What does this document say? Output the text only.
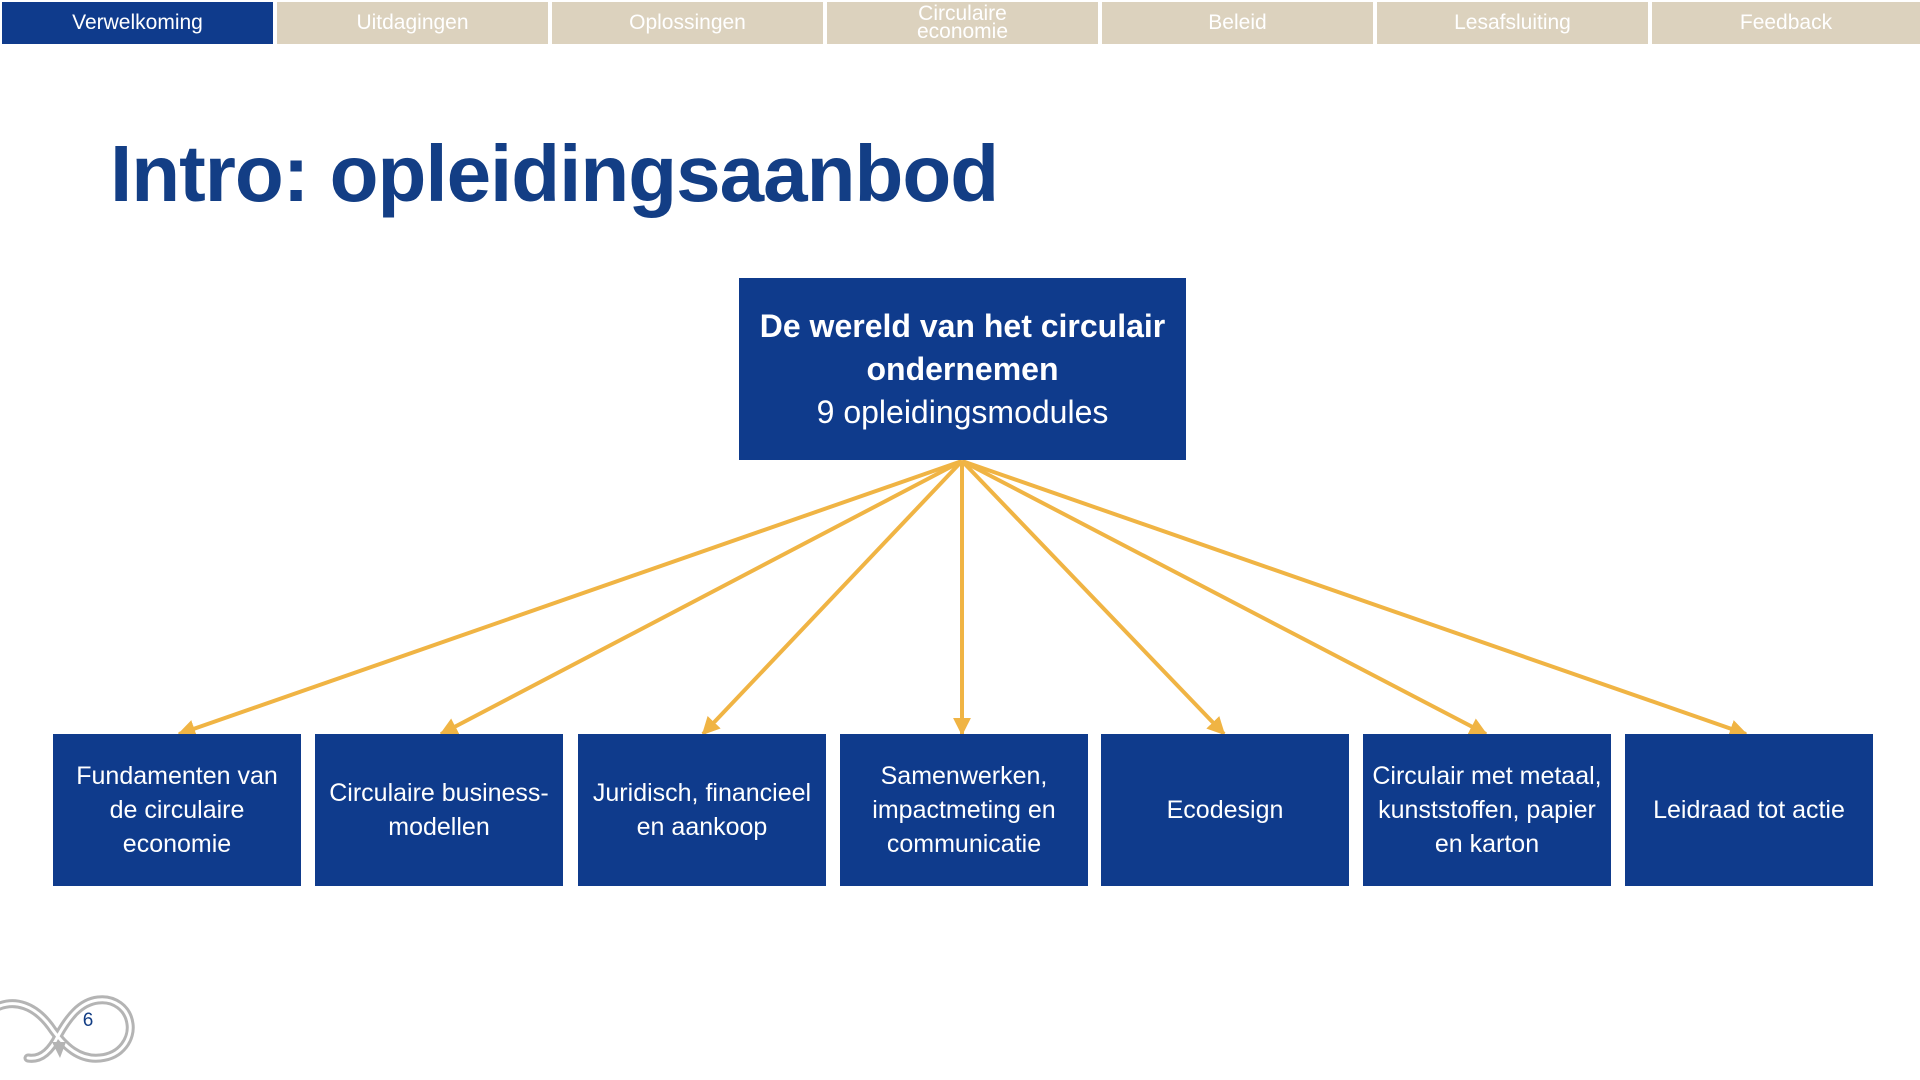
Verwelkoming	Uitdagingen	Oplossingen	Circulaire economie	Beleid	Lesafsluiting	Feedback
Intro: opleidingsaanbod
De wereld van het circulair
ondernemen
9 opleidingsmodules
Fundamenten van de circulaire economie
Circulaire business-modellen
Juridisch, financieel en aankoop
Samenwerken, impactmeting en communicatie
Ecodesign
Circulair met metaal, kunststoffen, papier en karton
Leidraad tot actie
6
